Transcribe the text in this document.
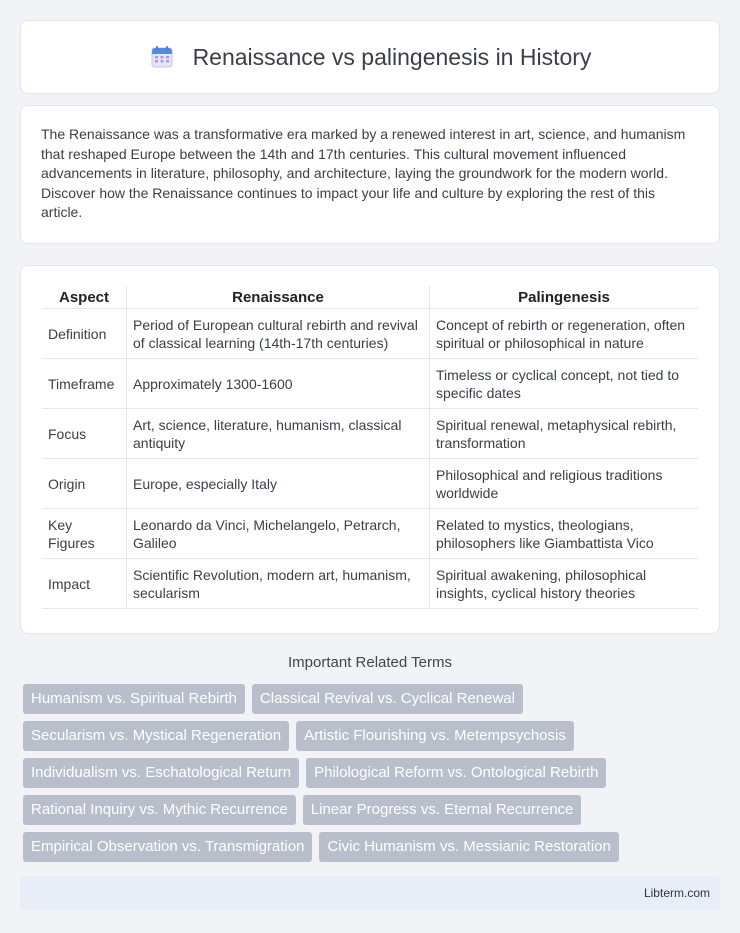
Renaissance vs palingenesis in History

The Renaissance was a transformative era marked by a renewed interest in art, science, and humanism that reshaped Europe between the 14th and 17th centuries. This cultural movement influenced advancements in literature, philosophy, and architecture, laying the groundwork for the modern world. Discover how the Renaissance continues to impact your life and culture by exploring the rest of this article.

Aspect	Renaissance	Palingenesis
Definition	Period of European cultural rebirth and revival of classical learning (14th-17th centuries)	Concept of rebirth or regeneration, often spiritual or philosophical in nature
Timeframe	Approximately 1300-1600	Timeless or cyclical concept, not tied to specific dates
Focus	Art, science, literature, humanism, classical antiquity	Spiritual renewal, metaphysical rebirth, transformation
Origin	Europe, especially Italy	Philosophical and religious traditions worldwide
Key Figures	Leonardo da Vinci, Michelangelo, Petrarch, Galileo	Related to mystics, theologians, philosophers like Giambattista Vico
Impact	Scientific Revolution, modern art, humanism, secularism	Spiritual awakening, philosophical insights, cyclical history theories
Important Related Terms
Humanism vs. Spiritual Rebirth	Classical Revival vs. Cyclical Renewal
Secularism vs. Mystical Regeneration	Artistic Flourishing vs. Metempsychosis
Individualism vs. Eschatological Return	Philological Reform vs. Ontological Rebirth
Rational Inquiry vs. Mythic Recurrence	Linear Progress vs. Eternal Recurrence
Empirical Observation vs. Transmigration	Civic Humanism vs. Messianic Restoration
Libterm.com
